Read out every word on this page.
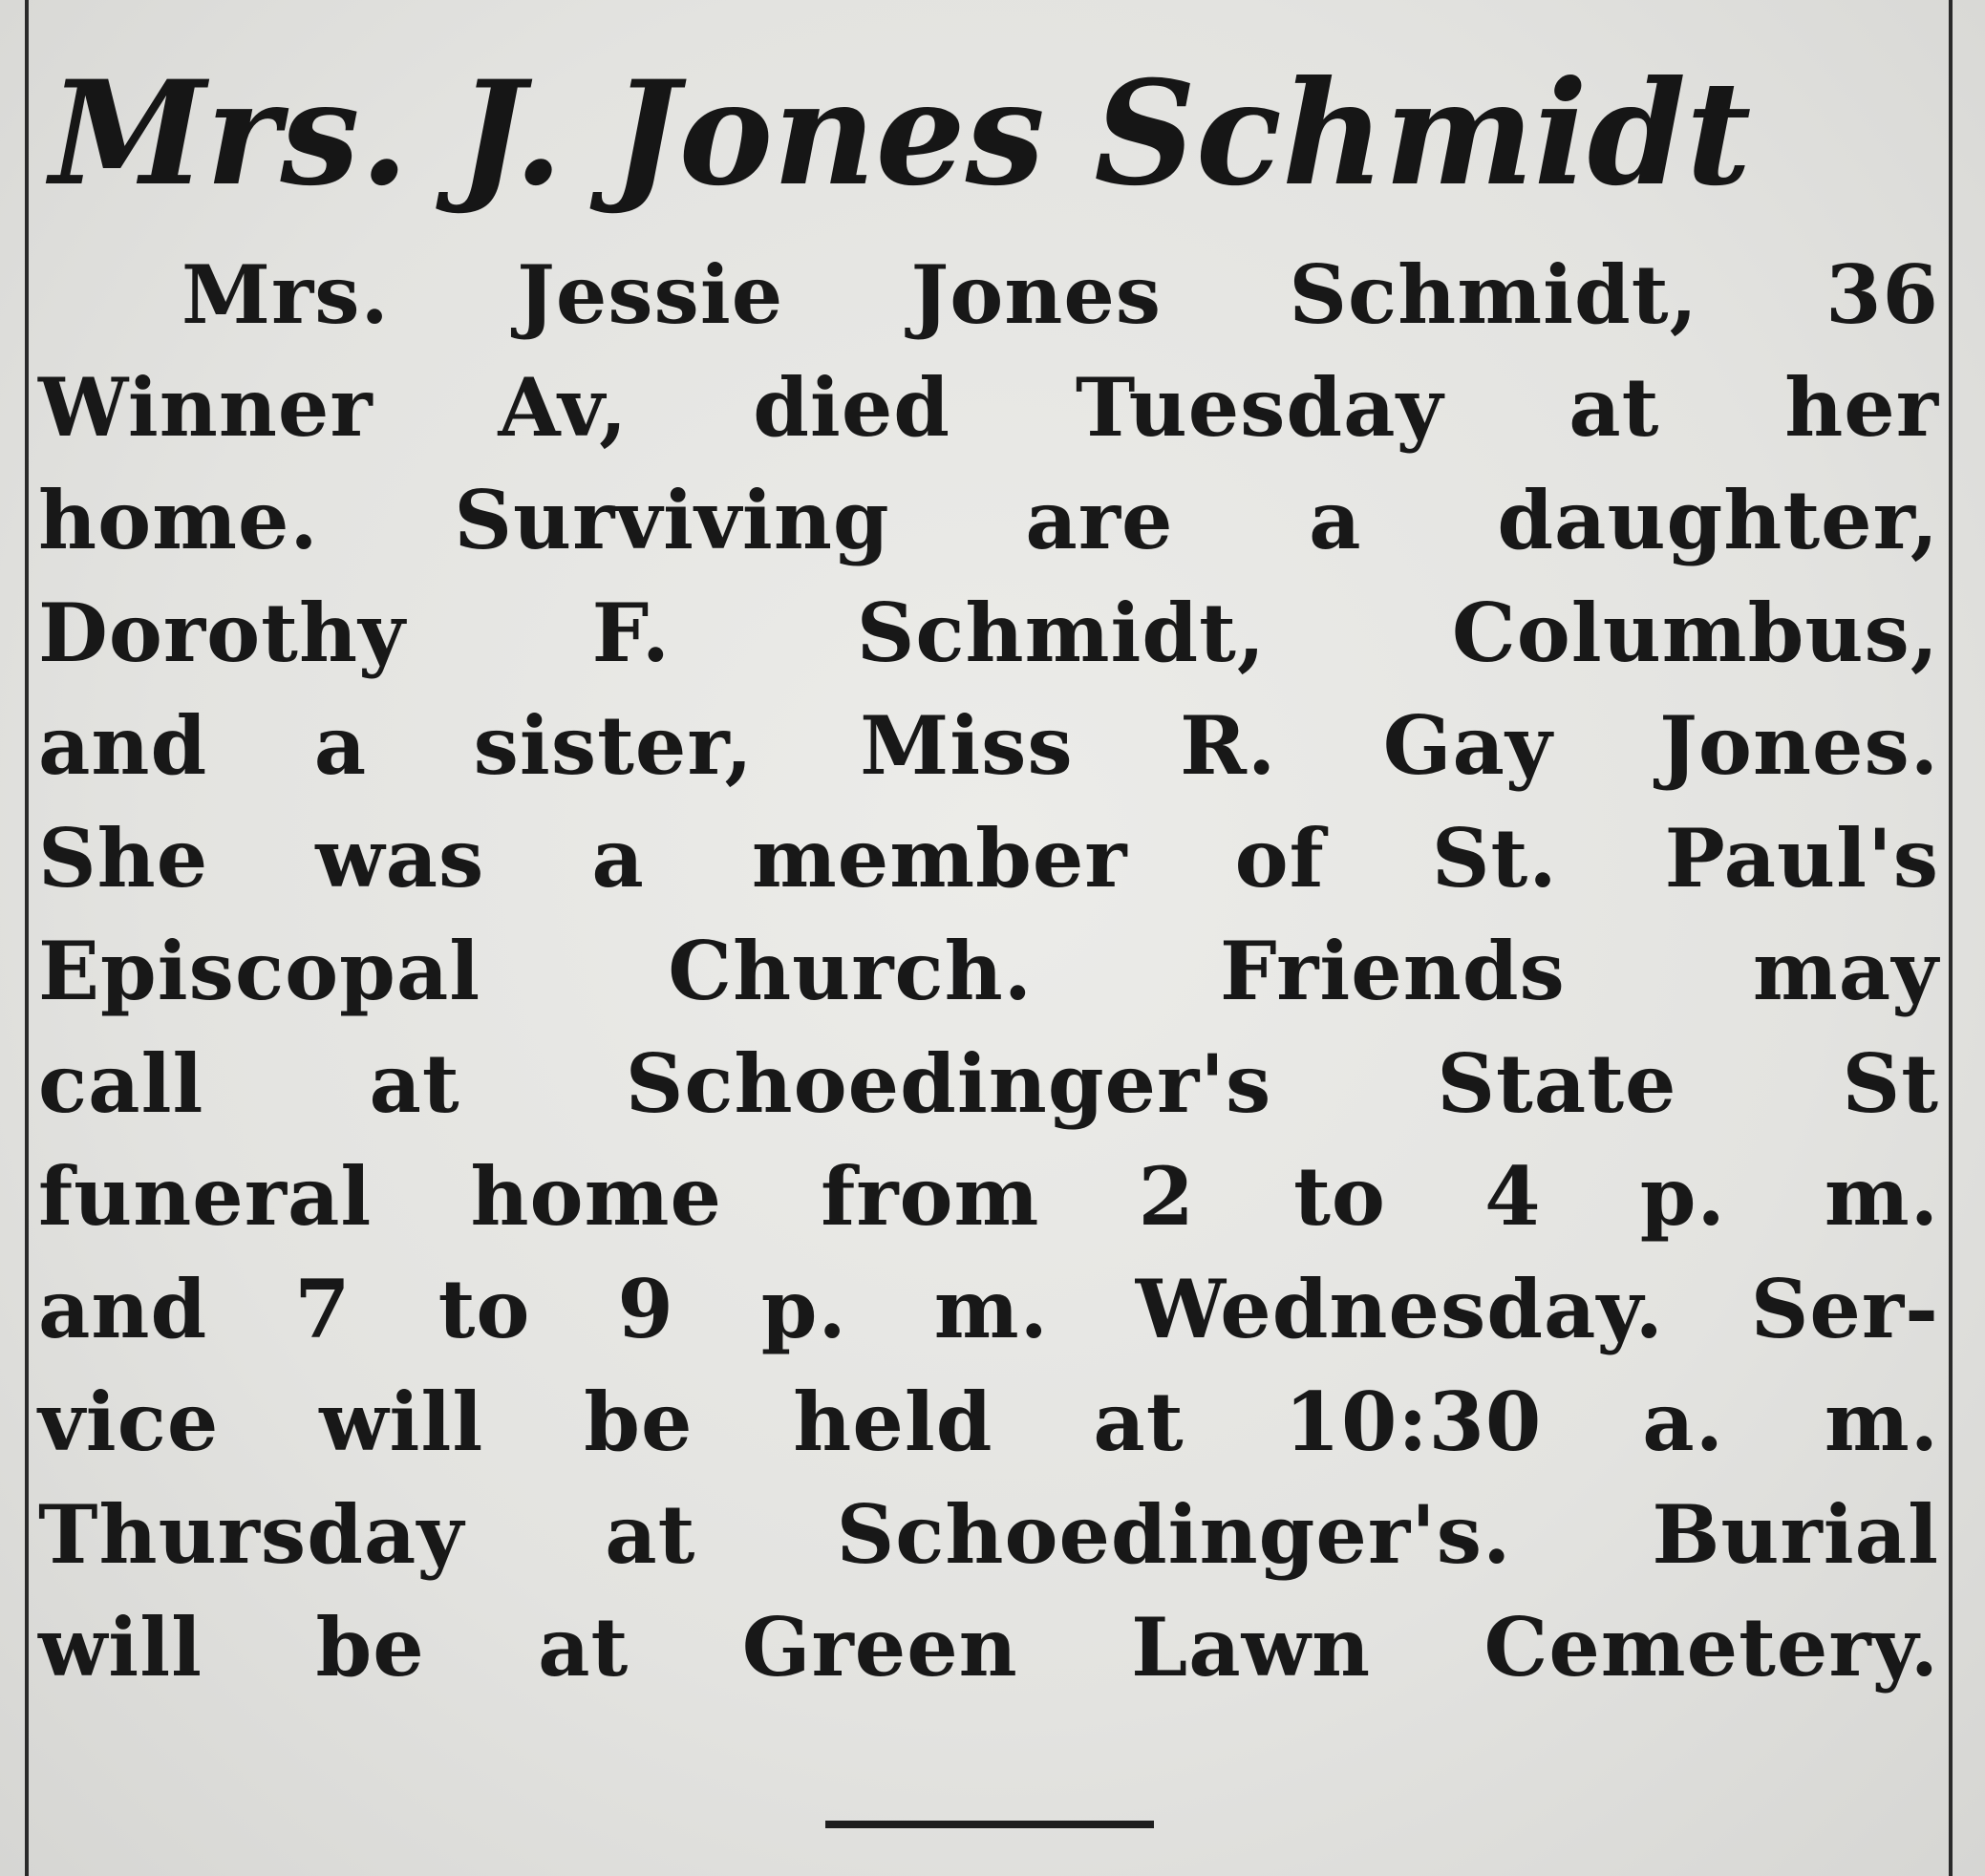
Mrs. J. Jones Schmidt
Mrs. Jessie Jones Schmidt, 36
Winner Av, died Tuesday at her
home. Surviving are a daughter,
Dorothy F. Schmidt, Columbus,
and a sister, Miss R. Gay Jones.
She was a member of St. Paul's
Episcopal Church. Friends may
call at Schoedinger's State St
funeral home from 2 to 4 p. m.
and 7 to 9 p. m. Wednesday. Ser-
vice will be held at 10:30 a. m.
Thursday at Schoedinger's. Burial
will be at Green Lawn Cemetery.
